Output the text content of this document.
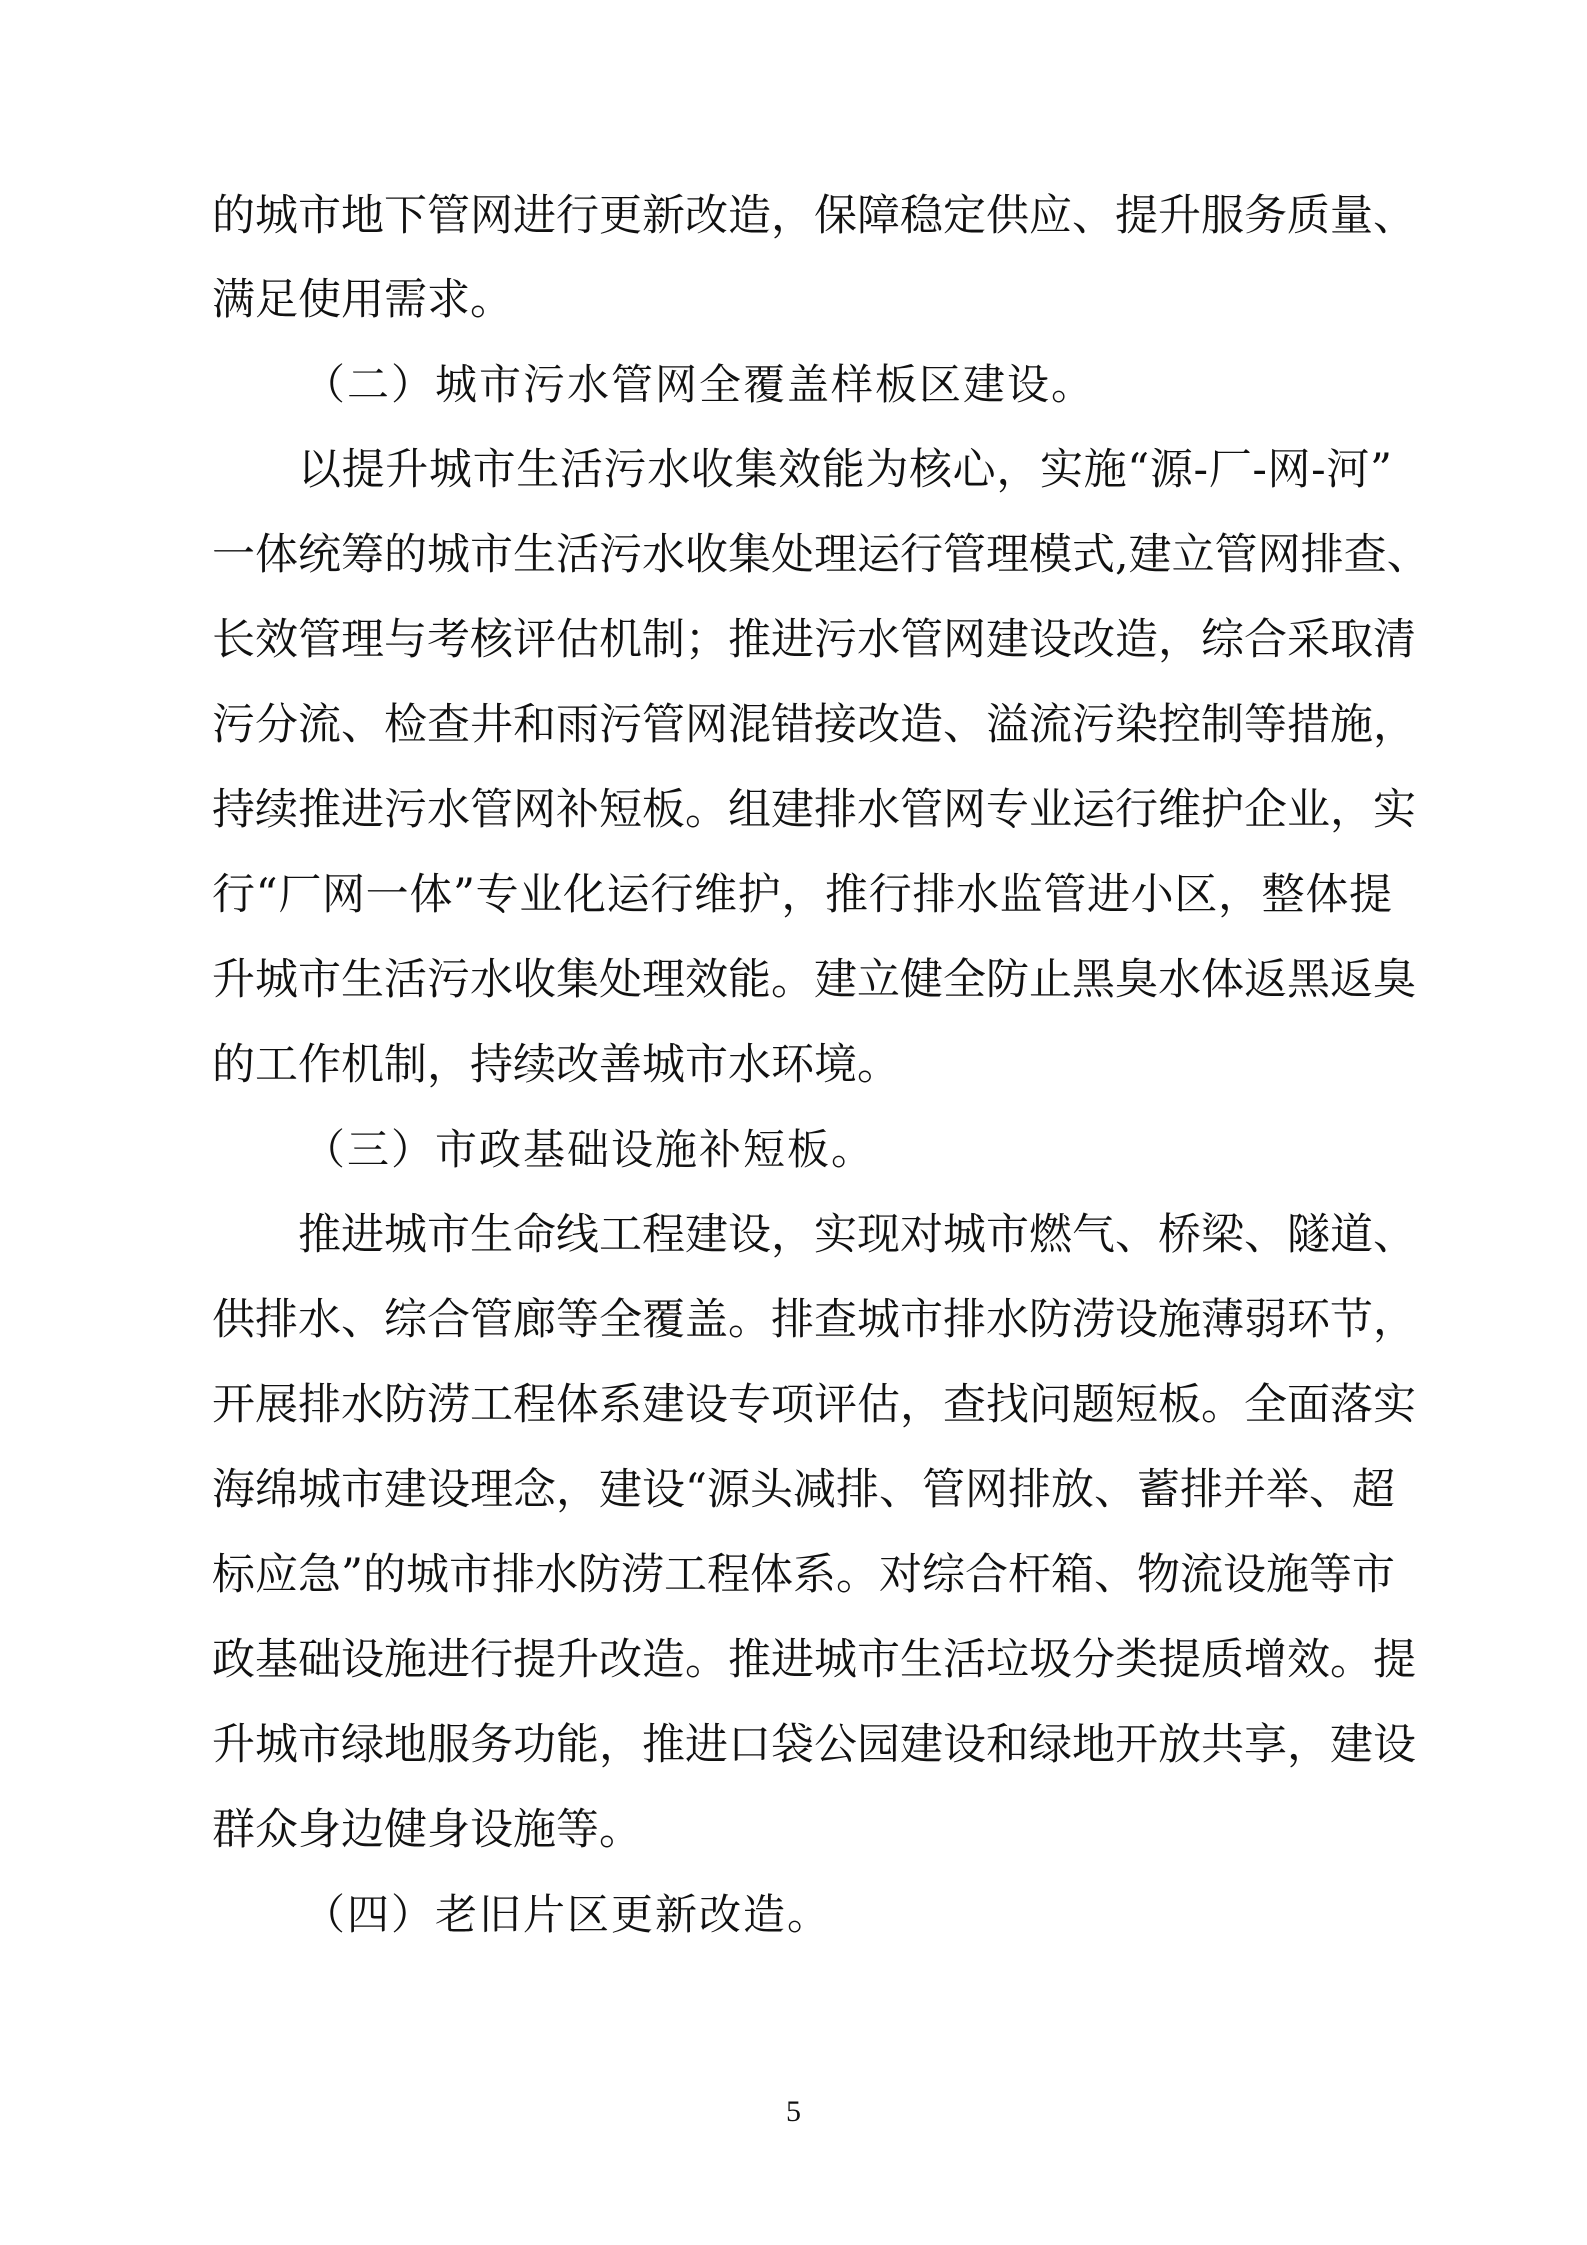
的城市地下管网进行更新改造，保障稳定供应、提升服务质量、
满足使用需求。
（二）城市污水管网全覆盖样板区建设。
以提升城市生活污水收集效能为核心，实施“源-厂-网-河”
一体统筹的城市生活污水收集处理运行管理模式,建立管网排查、
长效管理与考核评估机制；推进污水管网建设改造，综合采取清
污分流、检查井和雨污管网混错接改造、溢流污染控制等措施，
持续推进污水管网补短板。组建排水管网专业运行维护企业，实
行“厂网一体”专业化运行维护，推行排水监管进小区，整体提
升城市生活污水收集处理效能。建立健全防止黑臭水体返黑返臭
的工作机制，持续改善城市水环境。
（三）市政基础设施补短板。
推进城市生命线工程建设，实现对城市燃气、桥梁、隧道、
供排水、综合管廊等全覆盖。排查城市排水防涝设施薄弱环节，
开展排水防涝工程体系建设专项评估，查找问题短板。全面落实
海绵城市建设理念，建设“源头减排、管网排放、蓄排并举、超
标应急”的城市排水防涝工程体系。对综合杆箱、物流设施等市
政基础设施进行提升改造。推进城市生活垃圾分类提质增效。提
升城市绿地服务功能，推进口袋公园建设和绿地开放共享，建设
群众身边健身设施等。
（四）老旧片区更新改造。
5
